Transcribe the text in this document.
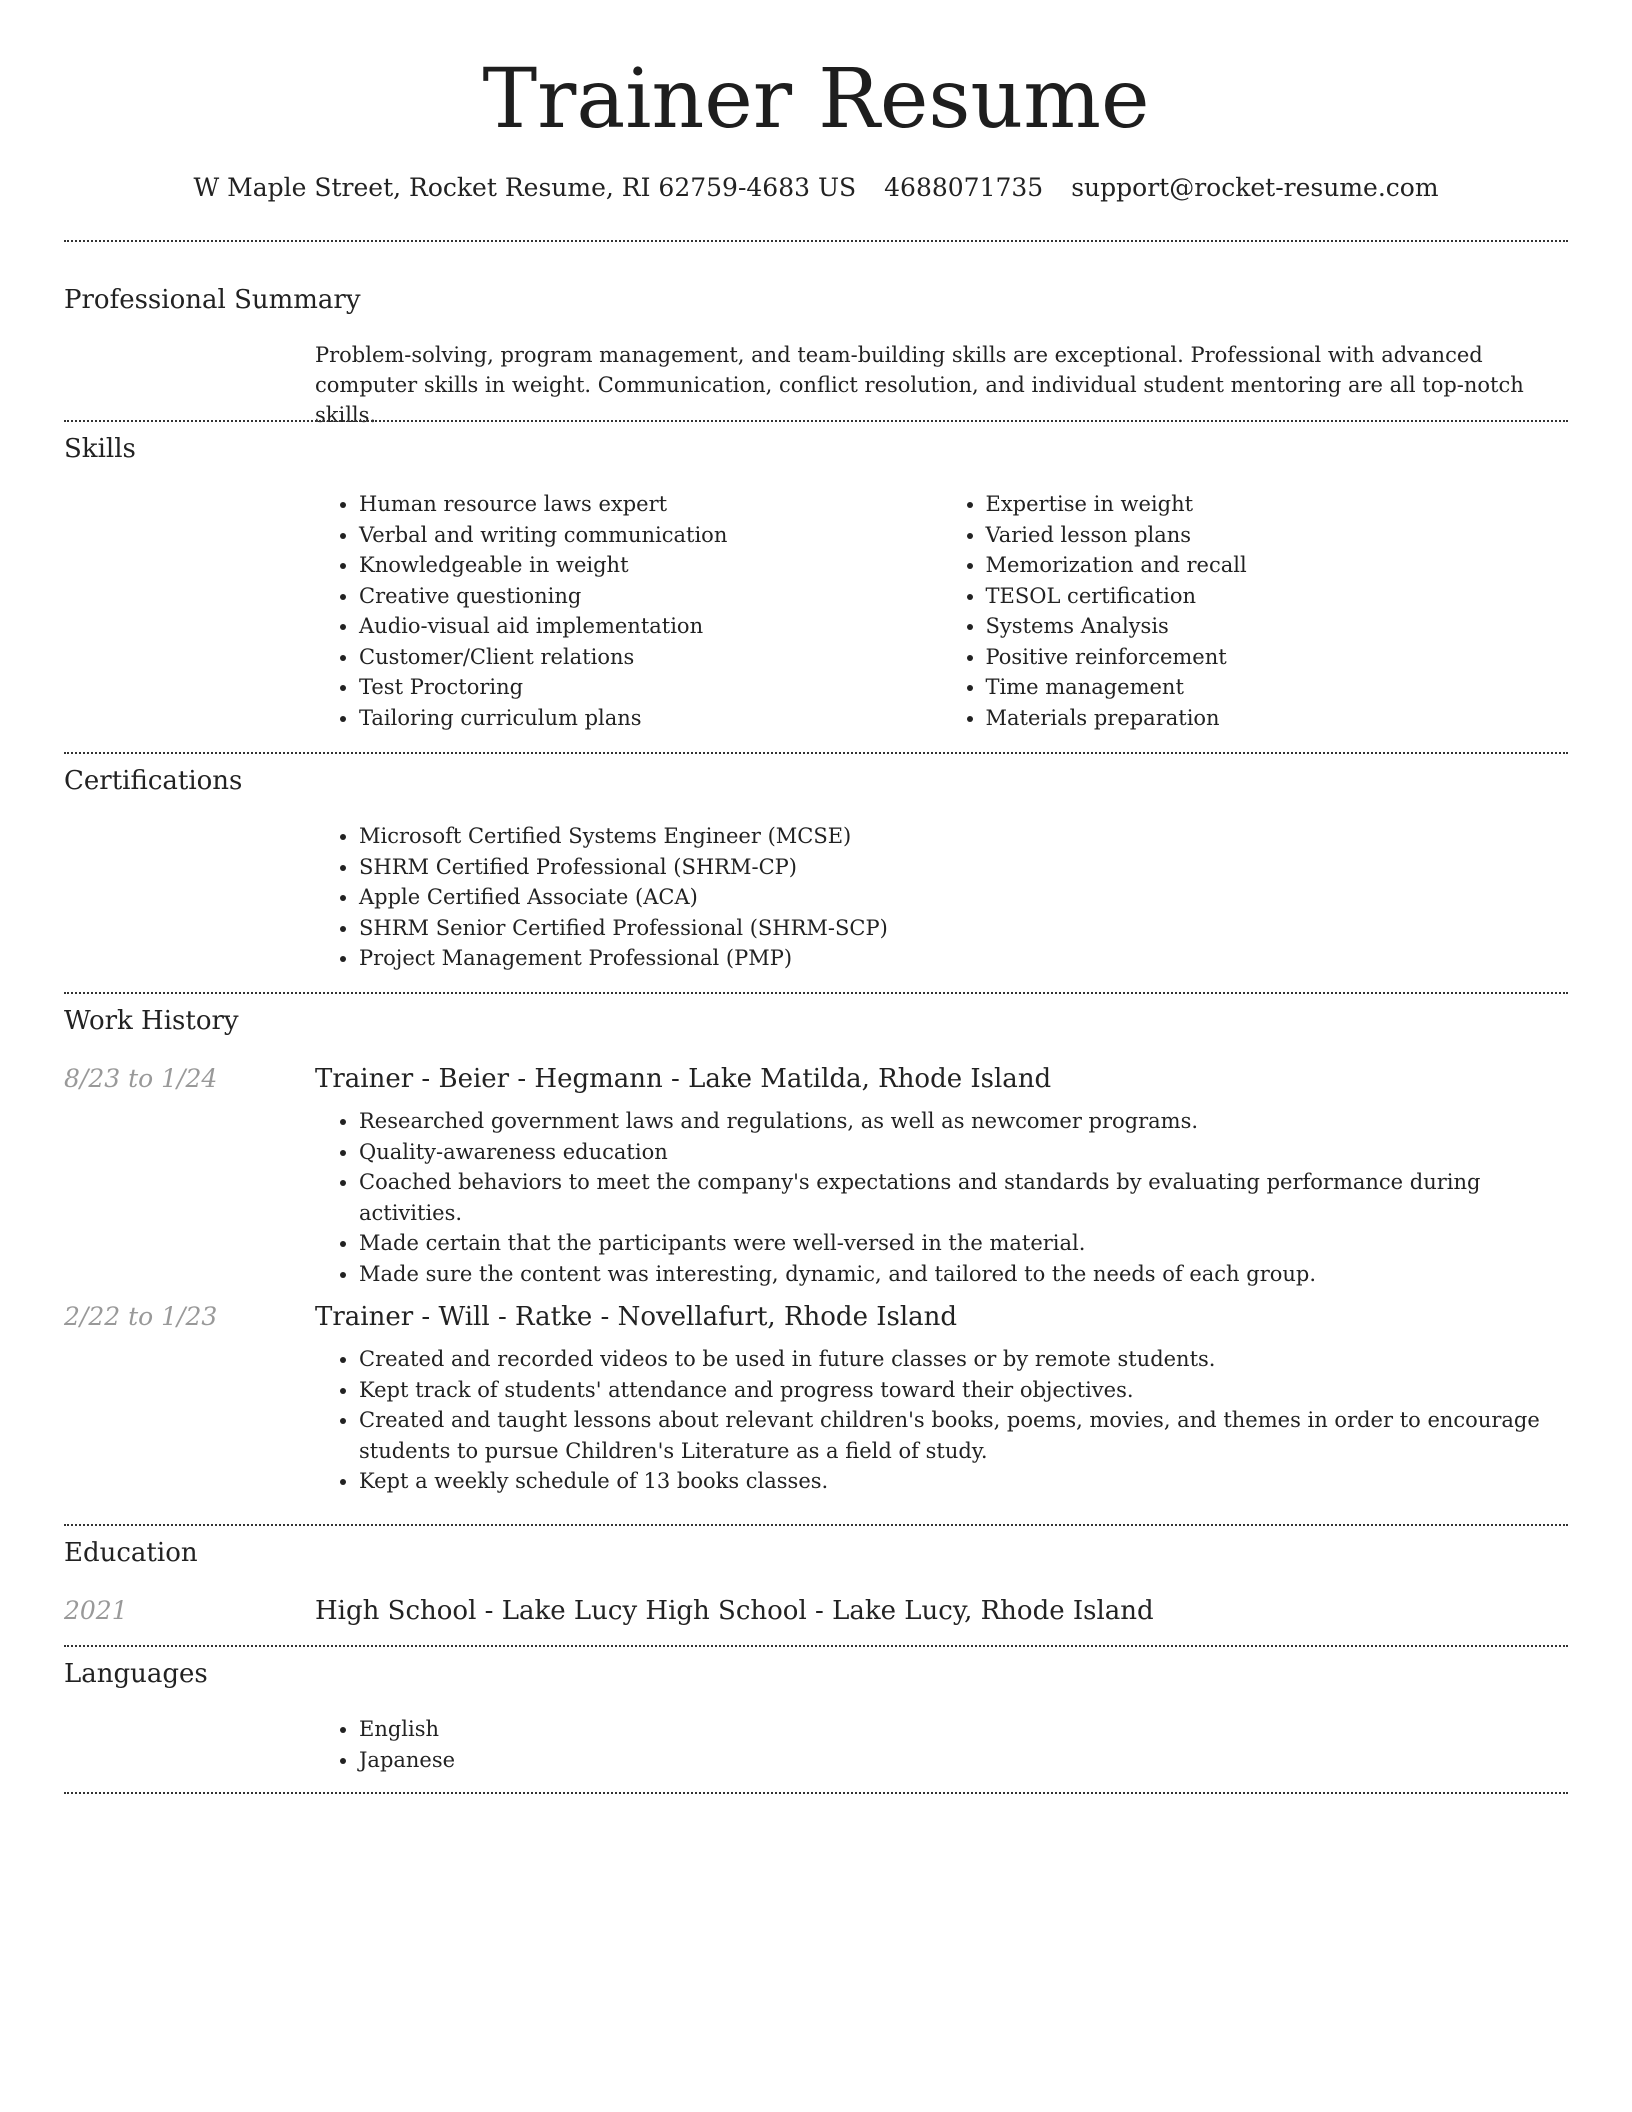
Trainer Resume
W Maple Street, Rocket Resume, RI 62759-4683 US 4688071735 support@rocket-resume.com
Professional Summary

Problem-solving, program management, and team-building skills are exceptional. Professional with advanced computer skills in weight. Communication, conflict resolution, and individual student mentoring are all top-notch skills.

Skills
• Human resource laws expert
• Verbal and writing communication
• Knowledgeable in weight
• Creative questioning
• Audio-visual aid implementation
• Customer/Client relations
• Test Proctoring
• Tailoring curriculum plans
• Expertise in weight
• Varied lesson plans
• Memorization and recall
• TESOL certification
• Systems Analysis
• Positive reinforcement
• Time management
• Materials preparation
Certifications
• Microsoft Certified Systems Engineer (MCSE)
• SHRM Certified Professional (SHRM-CP)
• Apple Certified Associate (ACA)
• SHRM Senior Certified Professional (SHRM-SCP)
• Project Management Professional (PMP)
Work History
8/23 to 1/24	Trainer - Beier - Hegmann - Lake Matilda, Rhode Island
• Researched government laws and regulations, as well as newcomer programs.
• Quality-awareness education
• Coached behaviors to meet the company's expectations and standards by evaluating performance during activities.
• Made certain that the participants were well-versed in the material.
• Made sure the content was interesting, dynamic, and tailored to the needs of each group.
2/22 to 1/23	Trainer - Will - Ratke - Novellafurt, Rhode Island
• Created and recorded videos to be used in future classes or by remote students.
• Kept track of students' attendance and progress toward their objectives.
• Created and taught lessons about relevant children's books, poems, movies, and themes in order to encourage students to pursue Children's Literature as a field of study.
• Kept a weekly schedule of 13 books classes.
Education
2021	High School - Lake Lucy High School - Lake Lucy, Rhode Island
Languages
• English
• Japanese
